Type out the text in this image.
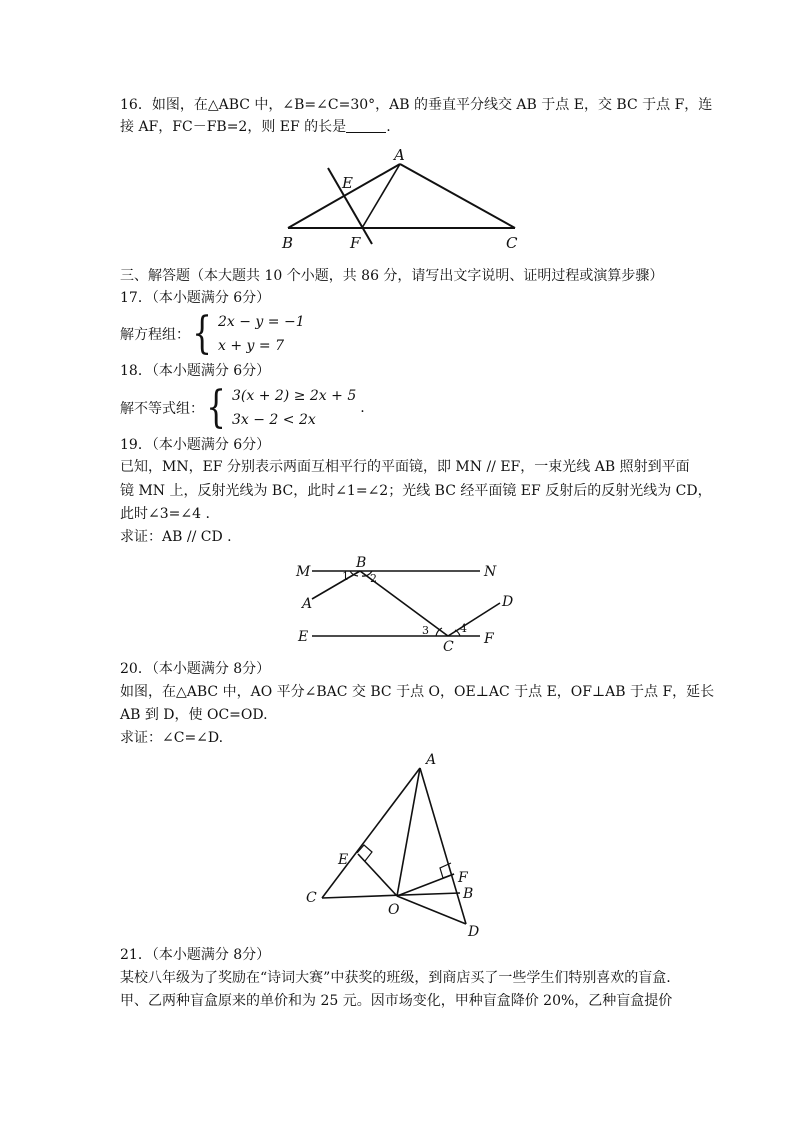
16．如图，在△ABC 中，∠B=∠C=30°，AB 的垂直平分线交 AB 于点 E，交 BC 于点 F，连
接 AF，FC－FB=2，则 EF 的长是	.
A
E
B	F	C
三、解答题（本大题共 10 个小题，共 86 分，请写出文字说明、证明过程或演算步骤）
17．（本小题满分 6分）
解方程组： { 2x − y = −1
x + y = 7
18．（本小题满分 6分）
解不等式组： { 3(x + 2) ≥ 2x + 5
3x − 2 < 2x
.
19．（本小题满分 6分）
已知，MN，EF 分别表示两面互相平行的平面镜，即 MN // EF，一束光线 AB 照射到平面
镜 MN 上，反射光线为 BC，此时∠1=∠2；光线 BC 经平面镜 EF 反射后的反射光线为 CD，
此时∠3=∠4 .
求证：AB // CD .
M	N
B
A
1 2
D
E	3	4
C F
20．（本小题满分 8分）
如图，在△ABC 中，AO 平分∠BAC 交 BC 于点 O，OE⊥AC 于点 E，OF⊥AB 于点 F，延长
AB 到 D，使 OC=OD.
求证：∠C=∠D.
A
E
F
B
C
O
D
21．（本小题满分 8分）
某校八年级为了奖励在“诗词大赛”中获奖的班级，到商店买了一些学生们特别喜欢的盲盒.
甲、乙两种盲盒原来的单价和为 25 元。因市场变化，甲种盲盒降价 20%，乙种盲盒提价
